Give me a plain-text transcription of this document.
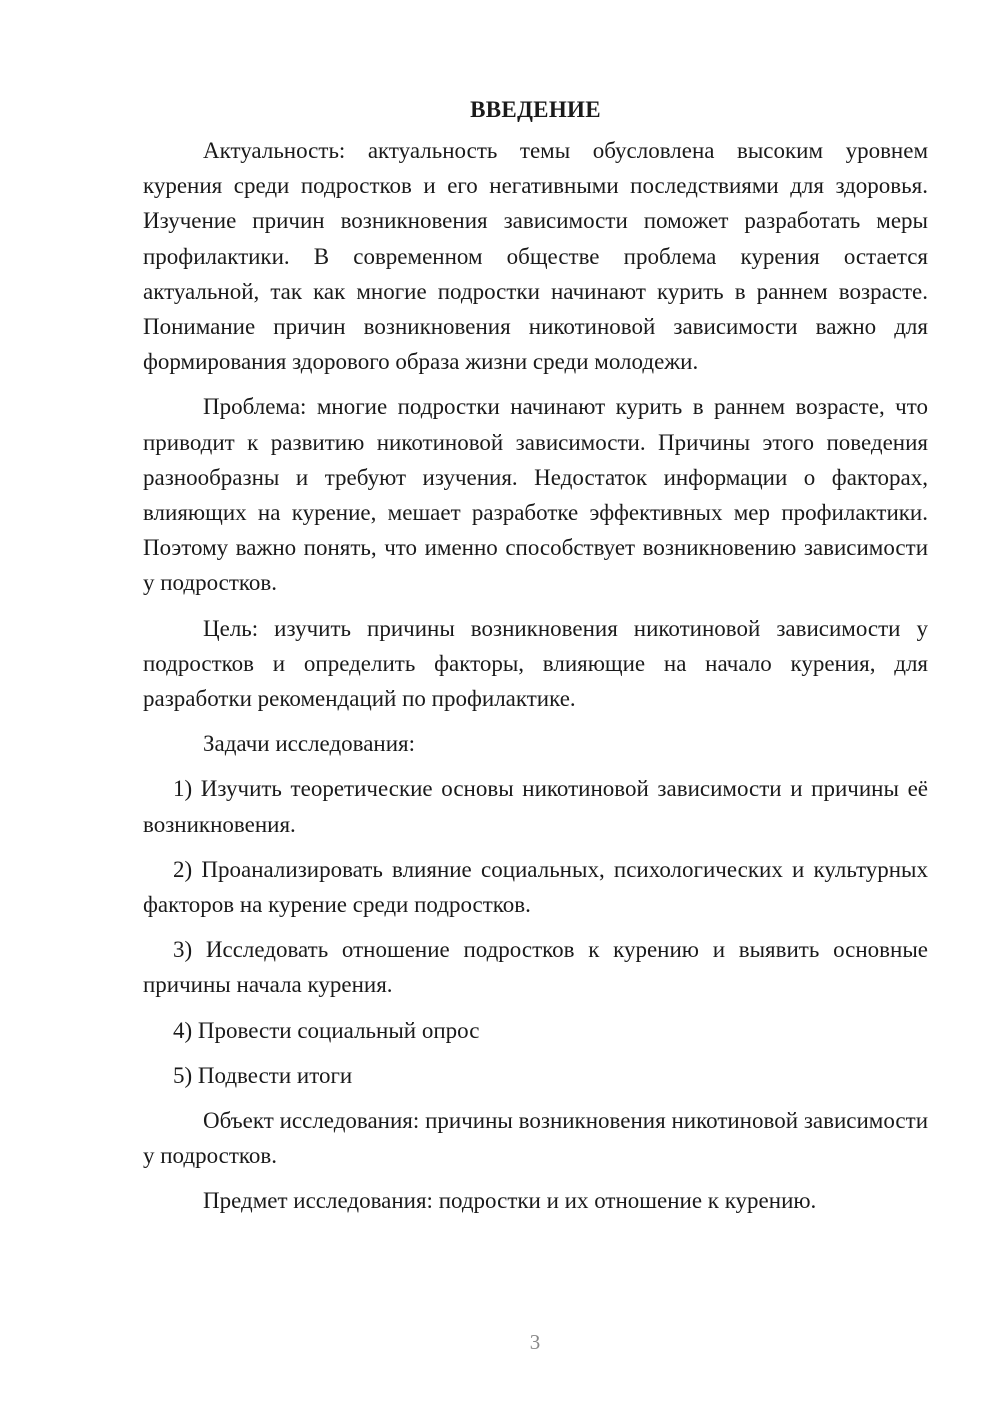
ВВЕДЕНИЕ

Актуальность: актуальность темы обусловлена высоким уровнем курения среди подростков и его негативными последствиями для здоровья. Изучение причин возникновения зависимости поможет разработать меры профилактики. В современном обществе проблема курения остается актуальной, так как многие подростки начинают курить в раннем возрасте. Понимание причин возникновения никотиновой зависимости важно для формирования здорового образа жизни среди молодежи.

Проблема: многие подростки начинают курить в раннем возрасте, что приводит к развитию никотиновой зависимости. Причины этого поведения разнообразны и требуют изучения. Недостаток информации о факторах, влияющих на курение, мешает разработке эффективных мер профилактики. Поэтому важно понять, что именно способствует возникновению зависимости у подростков.

Цель: изучить причины возникновения никотиновой зависимости у подростков и определить факторы, влияющие на начало курения, для разработки рекомендаций по профилактике.

Задачи исследования:

1) Изучить теоретические основы никотиновой зависимости и причины её возникновения.

2) Проанализировать влияние социальных, психологических и культурных факторов на курение среди подростков.

3) Исследовать отношение подростков к курению и выявить основные причины начала курения.

4) Провести социальный опрос

5) Подвести итоги

Объект исследования: причины возникновения никотиновой зависимости у подростков.

Предмет исследования: подростки и их отношение к курению.

3
